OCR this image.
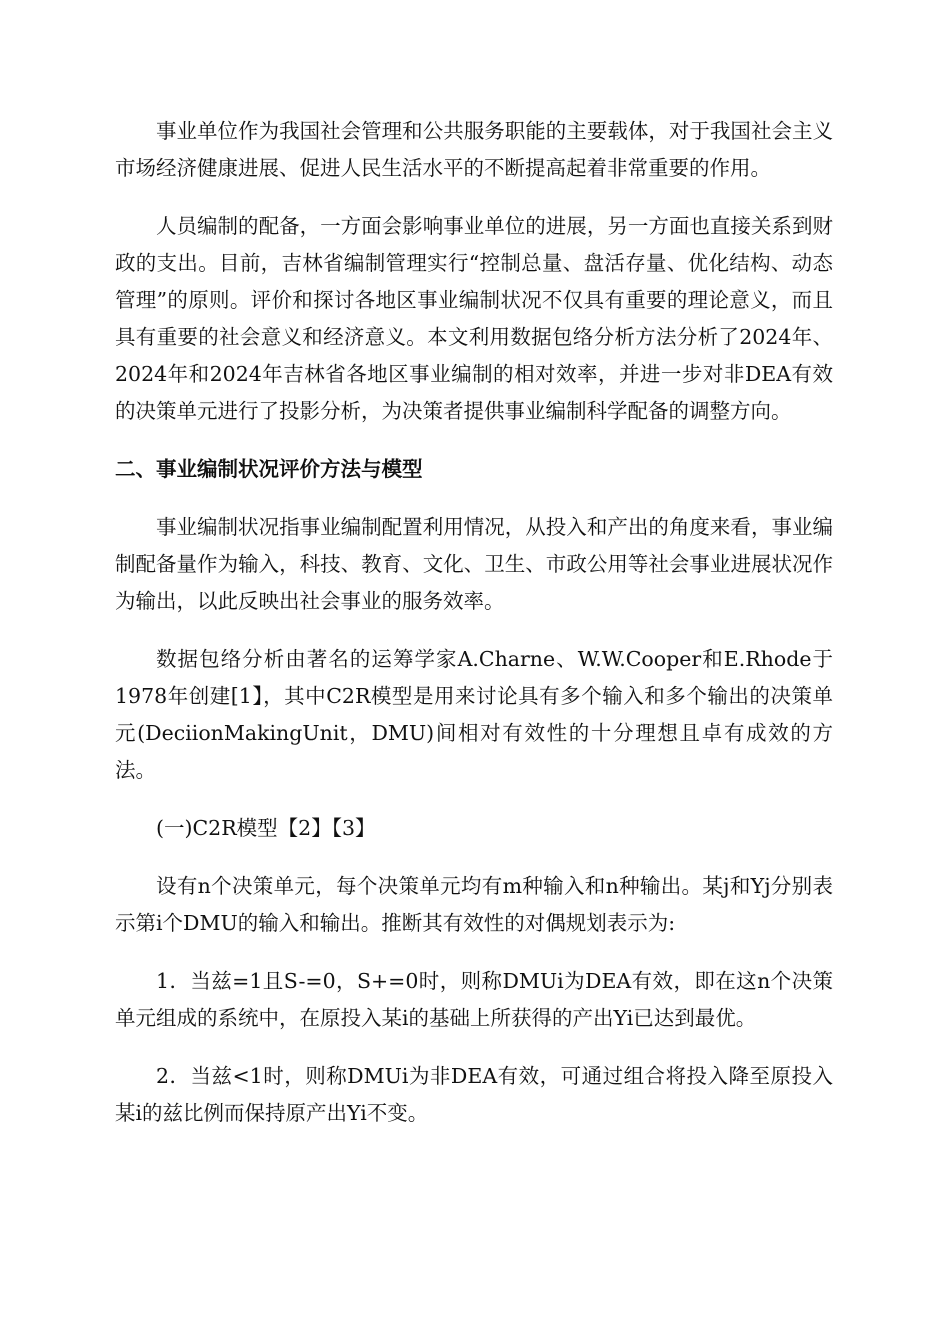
事业单位作为我国社会管理和公共服务职能的主要载体，对于我国社会主义市场经济健康进展、促进人民生活水平的不断提高起着非常重要的作用。

人员编制的配备，一方面会影响事业单位的进展，另一方面也直接关系到财政的支出。目前，吉林省编制管理实行“控制总量、盘活存量、优化结构、动态管理”的原则。评价和探讨各地区事业编制状况不仅具有重要的理论意义，而且具有重要的社会意义和经济意义。本文利用数据包络分析方法分析了2024年、2024年和2024年吉林省各地区事业编制的相对效率，并进一步对非DEA有效的决策单元进行了投影分析，为决策者提供事业编制科学配备的调整方向。

二、事业编制状况评价方法与模型

事业编制状况指事业编制配置利用情况，从投入和产出的角度来看，事业编制配备量作为输入，科技、教育、文化、卫生、市政公用等社会事业进展状况作为输出，以此反映出社会事业的服务效率。

数据包络分析由著名的运筹学家A.Charne、W.W.Cooper和E.Rhode于1978年创建[1】，其中C2R模型是用来讨论具有多个输入和多个输出的决策单元(DeciionMakingUnit，DMU)间相对有效性的十分理想且卓有成效的方法。

(一)C2R模型【2】【3】

设有n个决策单元，每个决策单元均有m种输入和n种输出。某j和Yj分别表示第i个DMU的输入和输出。推断其有效性的对偶规划表示为:

1．当兹=1且S-=0，S+=0时，则称DMUi为DEA有效，即在这n个决策单元组成的系统中，在原投入某i的基础上所获得的产出Yi已达到最优。

2．当兹<1时，则称DMUi为非DEA有效，可通过组合将投入降至原投入某i的兹比例而保持原产出Yi不变。
